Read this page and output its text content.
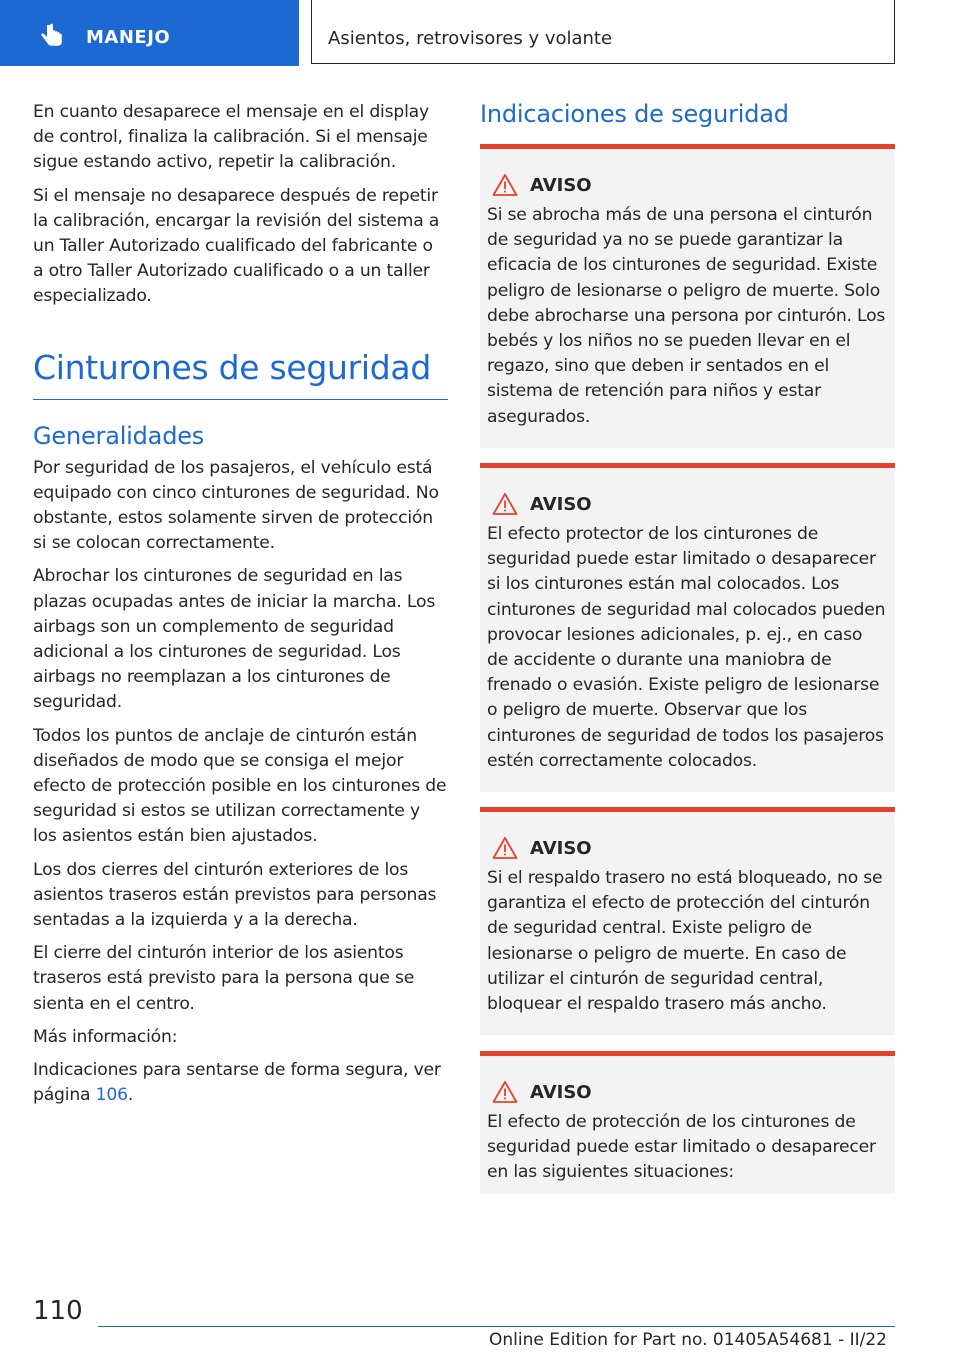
MANEJO	Asientos, retrovisores y volante

En cuanto desaparece el mensaje en el display de control, finaliza la calibración. Si el mensaje sigue estando activo, repetir la calibración.

Si el mensaje no desaparece después de repetir la calibración, encargar la revisión del sistema a un Taller Autorizado cualificado del fabricante o a otro Taller Autorizado cualificado o a un taller especializado.

Cinturones de seguridad
Generalidades

Por seguridad de los pasajeros, el vehículo está equipado con cinco cinturones de seguridad. No obstante, estos solamente sirven de protección si se colocan correctamente.

Abrochar los cinturones de seguridad en las plazas ocupadas antes de iniciar la marcha. Los airbags son un complemento de seguridad adicional a los cinturones de seguridad. Los airbags no reemplazan a los cinturones de seguridad.

Todos los puntos de anclaje de cinturón están diseñados de modo que se consiga el mejor efecto de protección posible en los cinturones de seguridad si estos se utilizan correctamente y los asientos están bien ajustados.

Los dos cierres del cinturón exteriores de los asientos traseros están previstos para personas sentadas a la izquierda y a la derecha.

El cierre del cinturón interior de los asientos traseros está previsto para la persona que se sienta en el centro.

Más información:

Indicaciones para sentarse de forma segura, ver página 106.

Indicaciones de seguridad
AVISO
Si se abrocha más de una persona el cinturón de seguridad ya no se puede garantizar la eficacia de los cinturones de seguridad. Existe peligro de lesionarse o peligro de muerte. Solo debe abrocharse una persona por cinturón. Los bebés y los niños no se pueden llevar en el regazo, sino que deben ir sentados en el sistema de retención para niños y estar asegurados.
AVISO
El efecto protector de los cinturones de seguridad puede estar limitado o desaparecer si los cinturones están mal colocados. Los cinturones de seguridad mal colocados pueden provocar lesiones adicionales, p. ej., en caso de accidente o durante una maniobra de frenado o evasión. Existe peligro de lesionarse o peligro de muerte. Observar que los cinturones de seguridad de todos los pasajeros estén correctamente colocados.
AVISO
Si el respaldo trasero no está bloqueado, no se garantiza el efecto de protección del cinturón de seguridad central. Existe peligro de lesionarse o peligro de muerte. En caso de utilizar el cinturón de seguridad central, bloquear el respaldo trasero más ancho.
AVISO
El efecto de protección de los cinturones de seguridad puede estar limitado o desaparecer en las siguientes situaciones:
110
Online Edition for Part no. 01405A54681 - II/22
